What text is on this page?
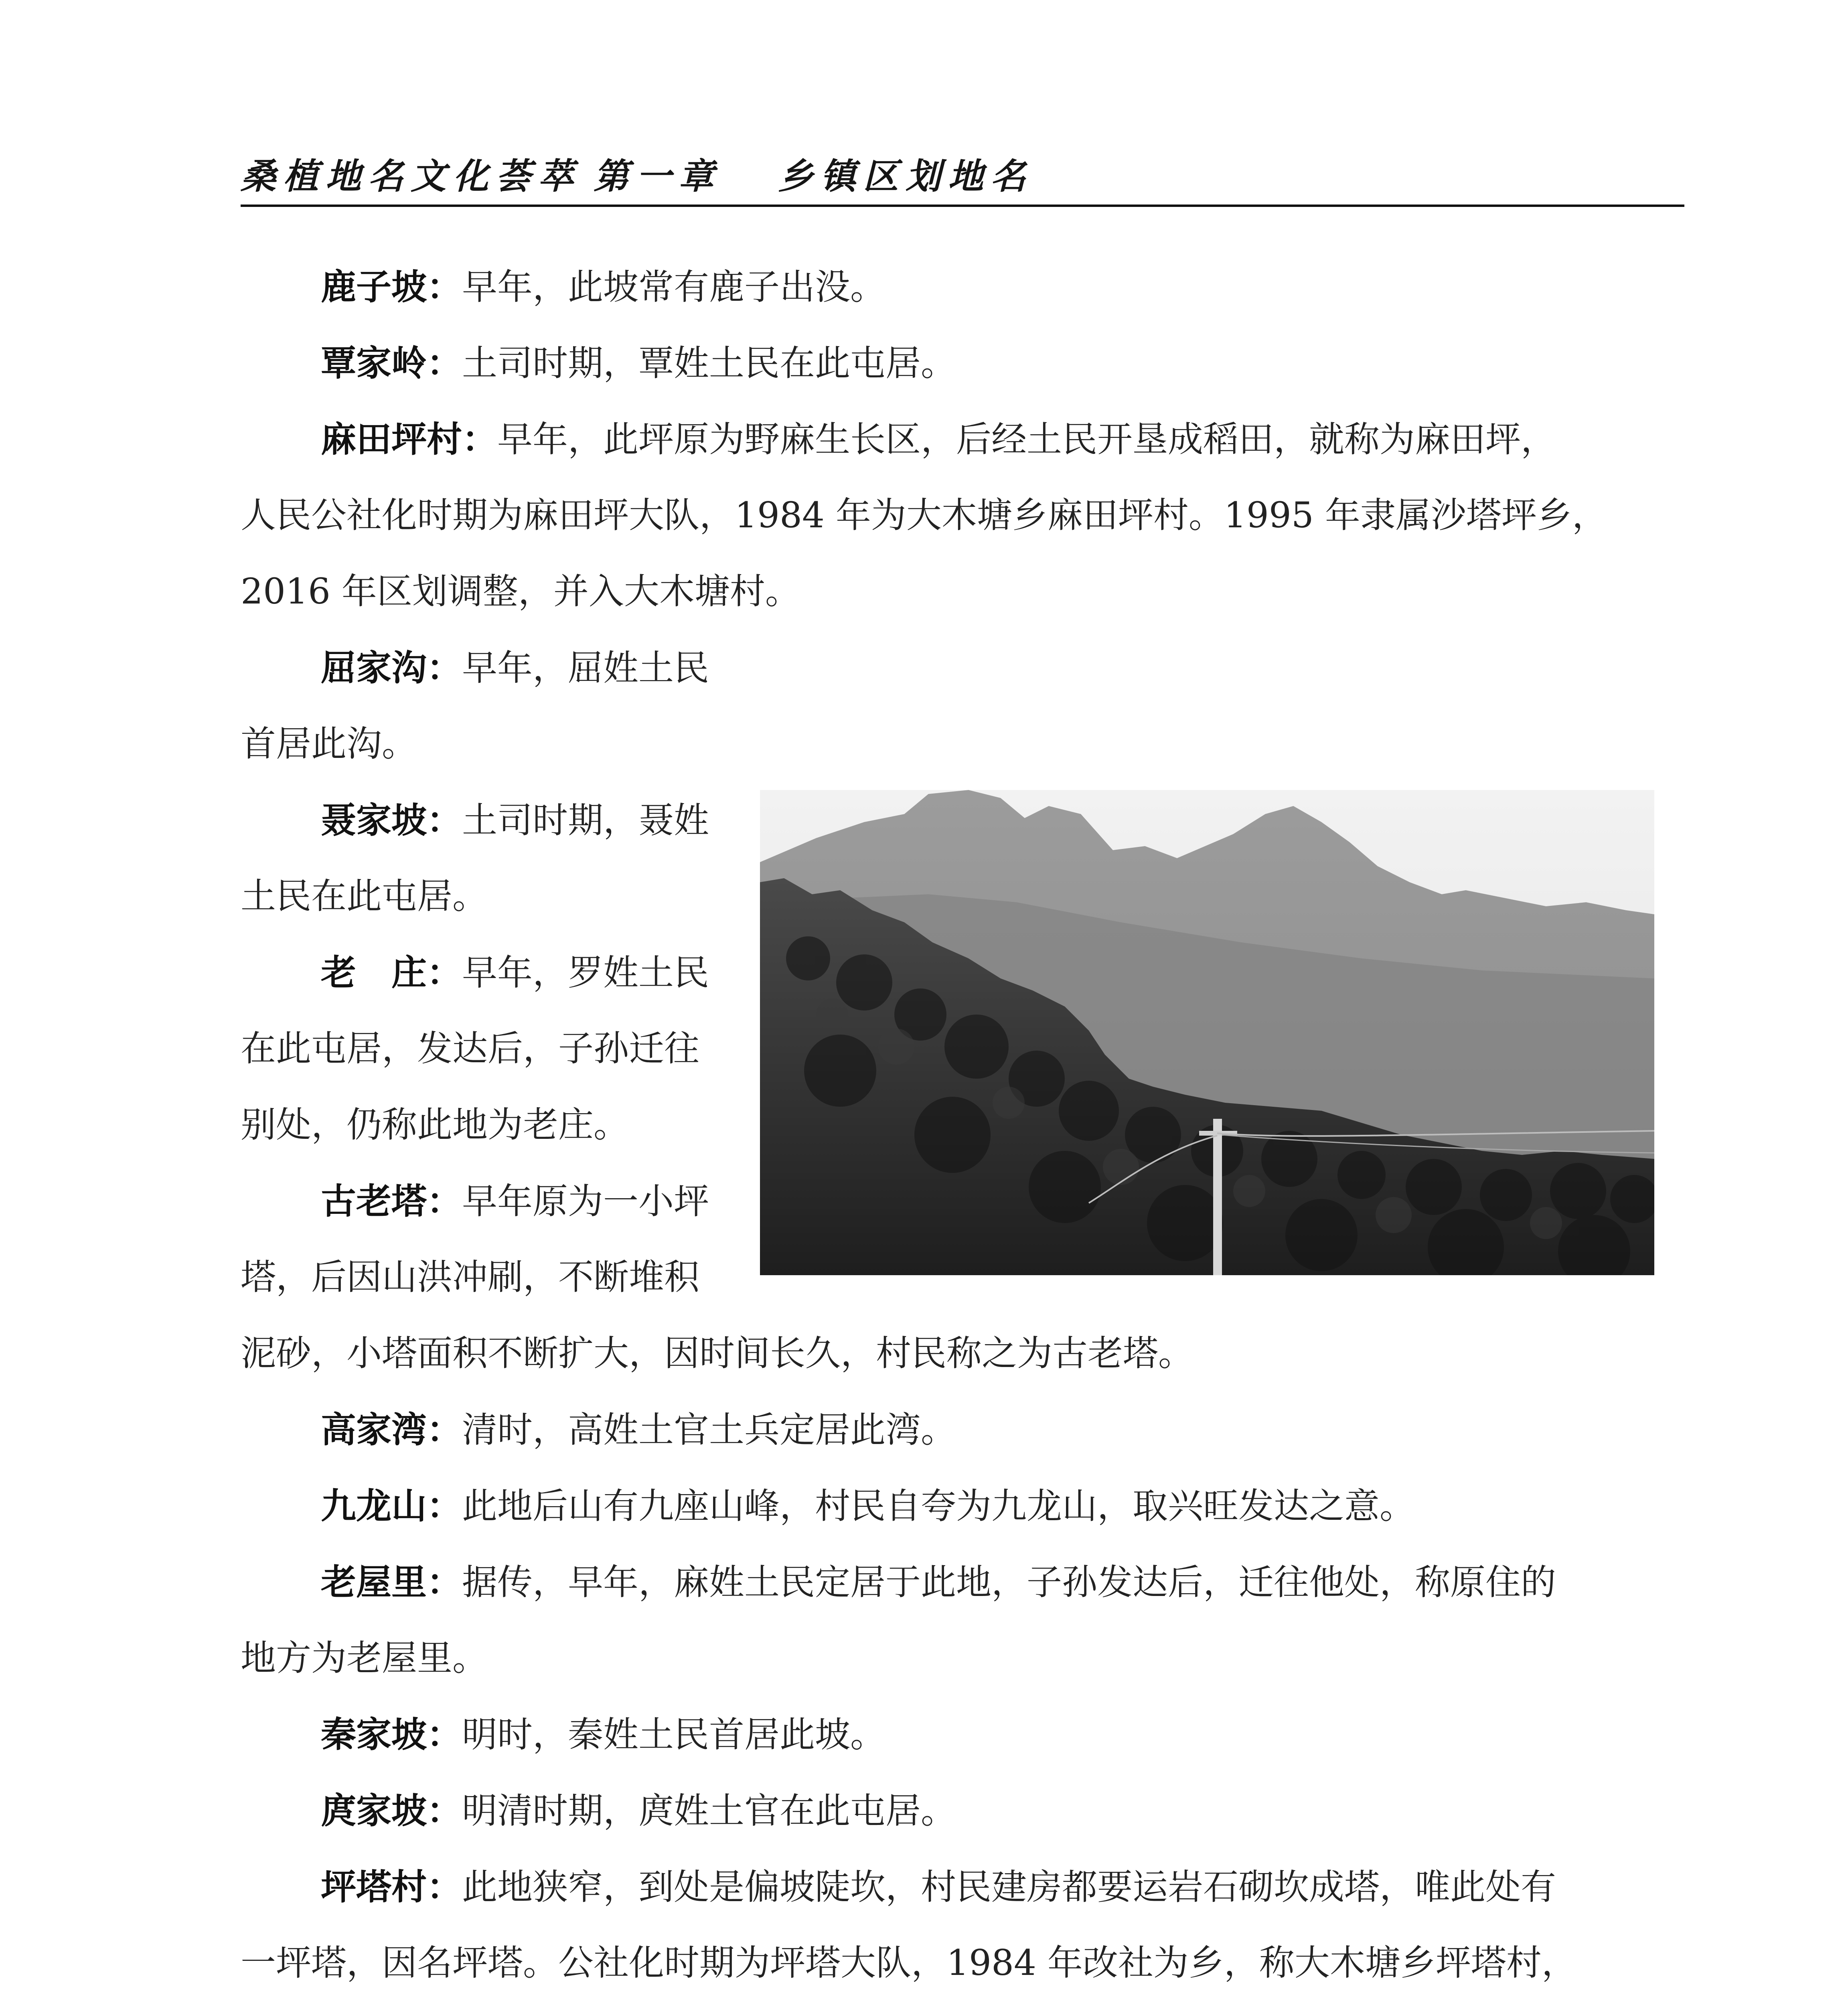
桑植地名文化荟萃 第一章 乡镇区划地名
鹿子坡：早年，此坡常有鹿子出没。
覃家岭：土司时期，覃姓土民在此屯居。
麻田坪村：早年，此坪原为野麻生长区，后经土民开垦成稻田，就称为麻田坪，
人民公社化时期为麻田坪大队，1984 年为大木塘乡麻田坪村。1995 年隶属沙塔坪乡，
2016 年区划调整，并入大木塘村。
屈家沟：早年，屈姓土民
首居此沟。
聂家坡：土司时期，聂姓
土民在此屯居。
老　庄：早年，罗姓土民
在此屯居，发达后，子孙迁往
别处，仍称此地为老庄。
古老塔：早年原为一小坪
塔，后因山洪冲刷，不断堆积
泥砂，小塔面积不断扩大，因时间长久，村民称之为古老塔。
高家湾：清时，高姓土官土兵定居此湾。
九龙山：此地后山有九座山峰，村民自夸为九龙山，取兴旺发达之意。
老屋里：据传，早年，麻姓土民定居于此地，子孙发达后，迁往他处，称原住的
地方为老屋里。
秦家坡：明时，秦姓土民首居此坡。
庹家坡：明清时期，庹姓土官在此屯居。
坪塔村：此地狭窄，到处是偏坡陡坎，村民建房都要运岩石砌坎成塔，唯此处有
一坪塔，因名坪塔。公社化时期为坪塔大队，1984 年改社为乡，称大木塘乡坪塔村，
